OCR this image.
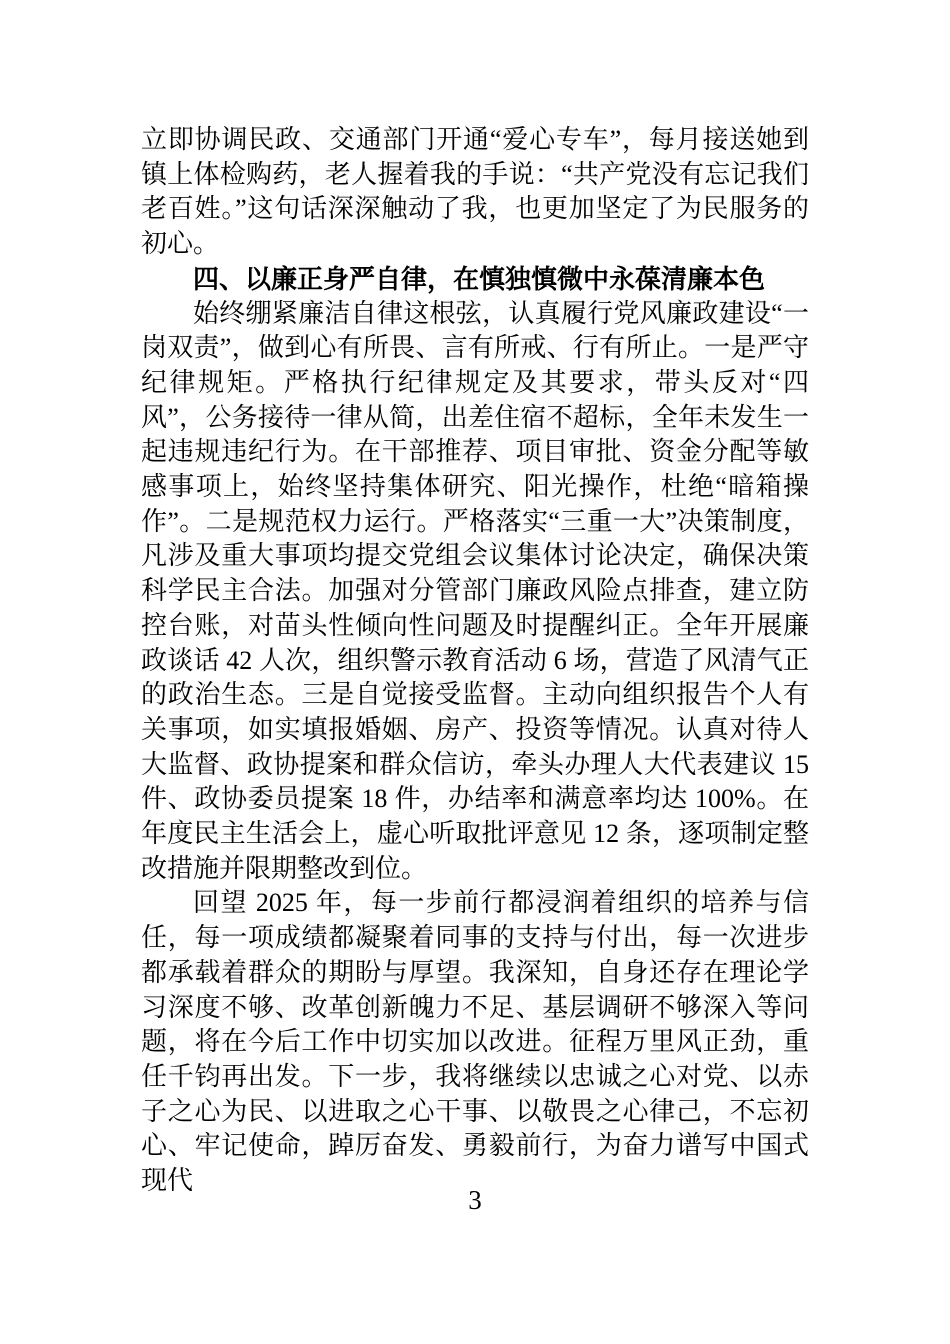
立即协调民政、交通部门开通“爱心专车”，每月接送她到镇上体检购药，老人握着我的手说：“共产党没有忘记我们老百姓。”这句话深深触动了我，也更加坚定了为民服务的初心。

四、以廉正身严自律，在慎独慎微中永葆清廉本色

始终绷紧廉洁自律这根弦，认真履行党风廉政建设“一岗双责”，做到心有所畏、言有所戒、行有所止。一是严守纪律规矩。严格执行纪律规定及其要求，带头反对“四风”，公务接待一律从简，出差住宿不超标，全年未发生一起违规违纪行为。在干部推荐、项目审批、资金分配等敏感事项上，始终坚持集体研究、阳光操作，杜绝“暗箱操作”。二是规范权力运行。严格落实“三重一大”决策制度，凡涉及重大事项均提交党组会议集体讨论决定，确保决策科学民主合法。加强对分管部门廉政风险点排查，建立防控台账，对苗头性倾向性问题及时提醒纠正。全年开展廉政谈话 42 人次，组织警示教育活动 6 场，营造了风清气正的政治生态。三是自觉接受监督。主动向组织报告个人有关事项，如实填报婚姻、房产、投资等情况。认真对待人大监督、政协提案和群众信访，牵头办理人大代表建议 15 件、政协委员提案 18 件，办结率和满意率均达 100%。在年度民主生活会上，虚心听取批评意见 12 条，逐项制定整改措施并限期整改到位。

回望 2025 年，每一步前行都浸润着组织的培养与信任，每一项成绩都凝聚着同事的支持与付出，每一次进步都承载着群众的期盼与厚望。我深知，自身还存在理论学习深度不够、改革创新魄力不足、基层调研不够深入等问题，将在今后工作中切实加以改进。征程万里风正劲，重任千钧再出发。下一步，我将继续以忠诚之心对党、以赤子之心为民、以进取之心干事、以敬畏之心律己，不忘初心、牢记使命，踔厉奋发、勇毅前行，为奋力谱写中国式现代

3
